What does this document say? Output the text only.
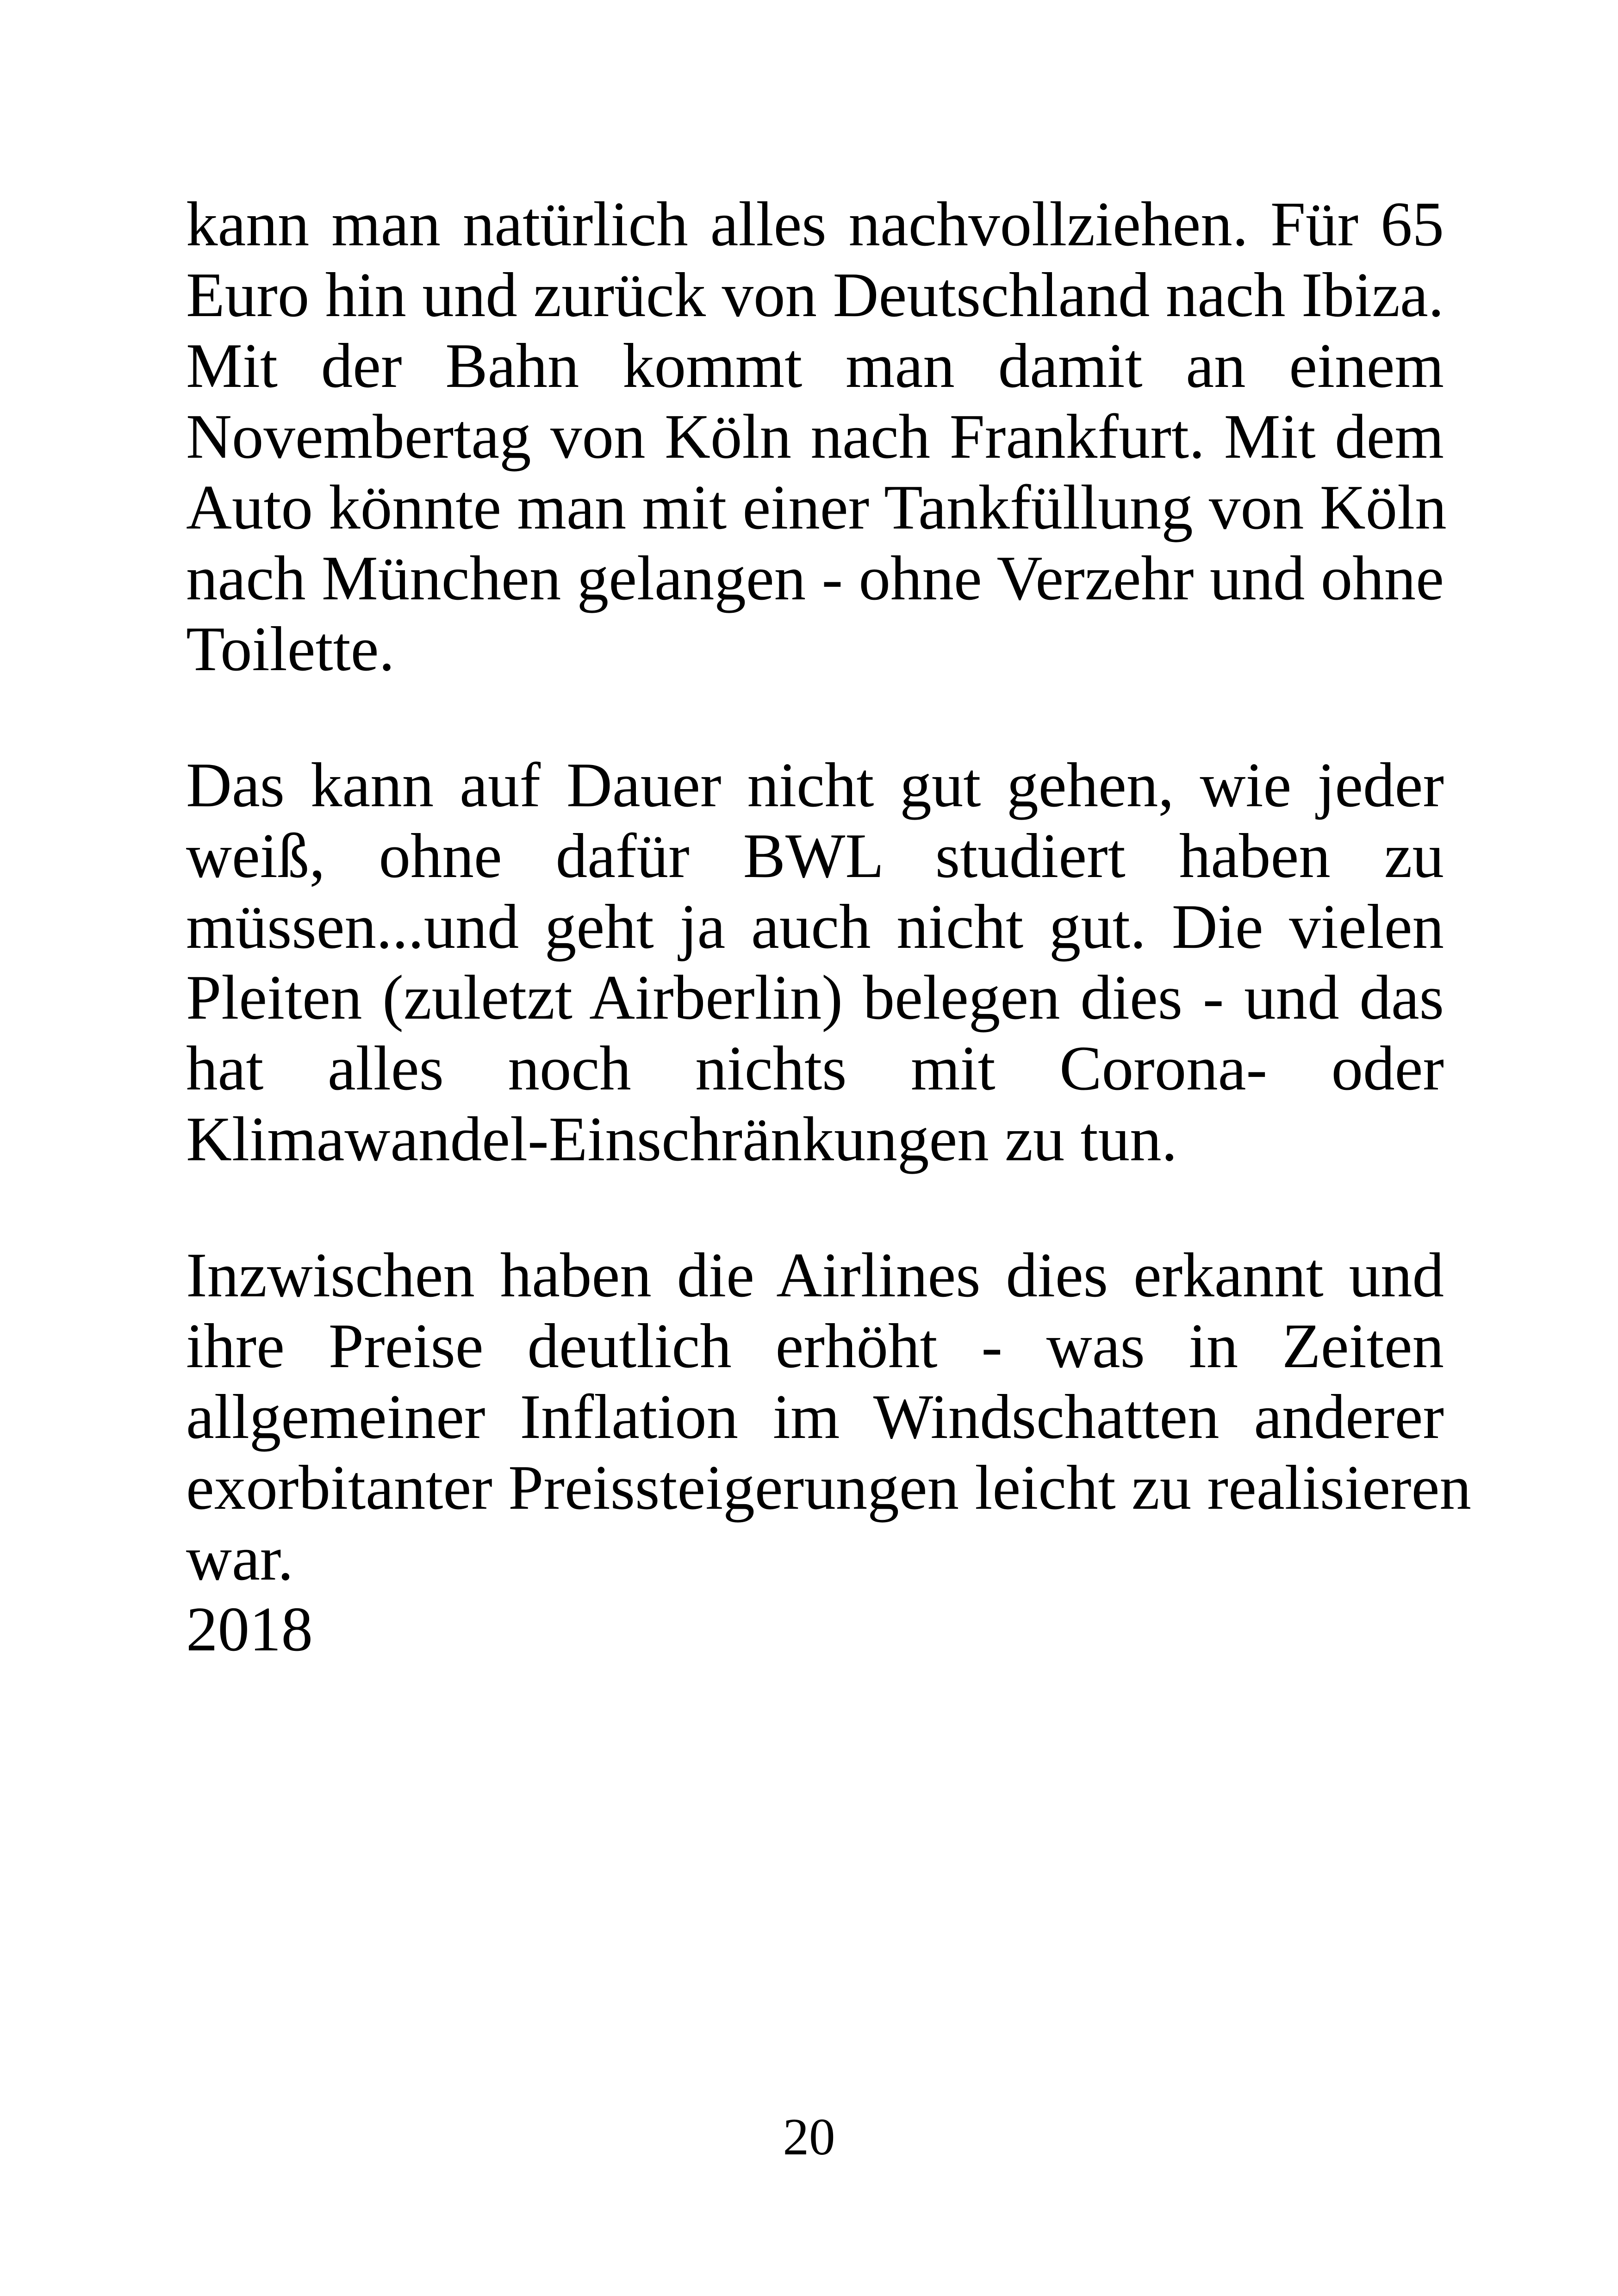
kann man natürlich alles nachvollziehen. Für 65
Euro hin und zurück von Deutschland nach Ibiza.
Mit der Bahn kommt man damit an einem
Novembertag von Köln nach Frankfurt. Mit dem
Auto könnte man mit einer Tankfüllung von Köln
nach München gelangen - ohne Verzehr und ohne
Toilette.
Das kann auf Dauer nicht gut gehen, wie jeder
weiß, ohne dafür BWL studiert haben zu
müssen...und geht ja auch nicht gut. Die vielen
Pleiten (zuletzt Airberlin) belegen dies - und das
hat alles noch nichts mit Corona- oder
Klimawandel-Einschränkungen zu tun.
Inzwischen haben die Airlines dies erkannt und
ihre Preise deutlich erhöht - was in Zeiten
allgemeiner Inflation im Windschatten anderer
exorbitanter Preissteigerungen leicht zu realisieren
war.
2018
20
